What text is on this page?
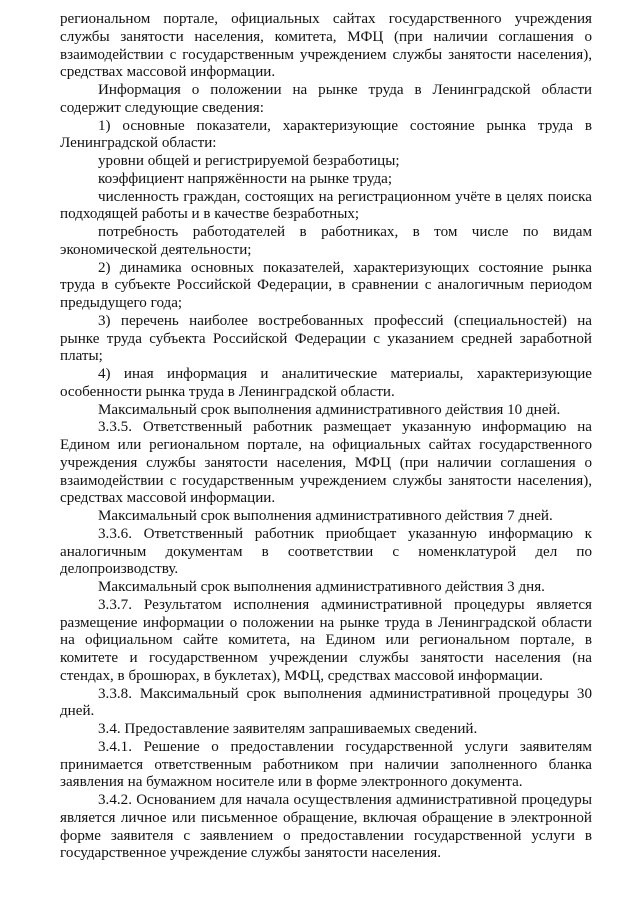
региональном портале, официальных сайтах государственного учреждения службы занятости населения, комитета, МФЦ (при наличии соглашения о взаимодействии с государственным учреждением службы занятости населения), средствах массовой информации.

Информация о положении на рынке труда в Ленинградской области содержит следующие сведения:

1) основные показатели, характеризующие состояние рынка труда в Ленинградской области:

уровни общей и регистрируемой безработицы;

коэффициент напряжённости на рынке труда;

численность граждан, состоящих на регистрационном учёте в целях поиска подходящей работы и в качестве безработных;

потребность работодателей в работниках, в том числе по видам экономической деятельности;

2) динамика основных показателей, характеризующих состояние рынка труда в субъекте Российской Федерации, в сравнении с аналогичным периодом предыдущего года;

3) перечень наиболее востребованных профессий (специальностей) на рынке труда субъекта Российской Федерации с указанием средней заработной платы;

4) иная информация и аналитические материалы, характеризующие особенности рынка труда в Ленинградской области.

Максимальный срок выполнения административного действия 10 дней.

3.3.5. Ответственный работник размещает указанную информацию на Едином или региональном портале, на официальных сайтах государственного учреждения службы занятости населения, МФЦ (при наличии соглашения о взаимодействии с государственным учреждением службы занятости населения), средствах массовой информации.

Максимальный срок выполнения административного действия 7 дней.

3.3.6. Ответственный работник приобщает указанную информацию к аналогичным документам в соответствии с номенклатурой дел по делопроизводству.

Максимальный срок выполнения административного действия 3 дня.

3.3.7. Результатом исполнения административной процедуры является размещение информации о положении на рынке труда в Ленинградской области на официальном сайте комитета, на Едином или региональном портале, в комитете и государственном учреждении службы занятости населения (на стендах, в брошюрах, в буклетах), МФЦ, средствах массовой информации.

3.3.8. Максимальный срок выполнения административной процедуры 30 дней.

3.4. Предоставление заявителям запрашиваемых сведений.

3.4.1. Решение о предоставлении государственной услуги заявителям принимается ответственным работником при наличии заполненного бланка заявления на бумажном носителе или в форме электронного документа.

3.4.2. Основанием для начала осуществления административной процедуры является личное или письменное обращение, включая обращение в электронной форме заявителя с заявлением о предоставлении государственной услуги в государственное учреждение службы занятости населения.
